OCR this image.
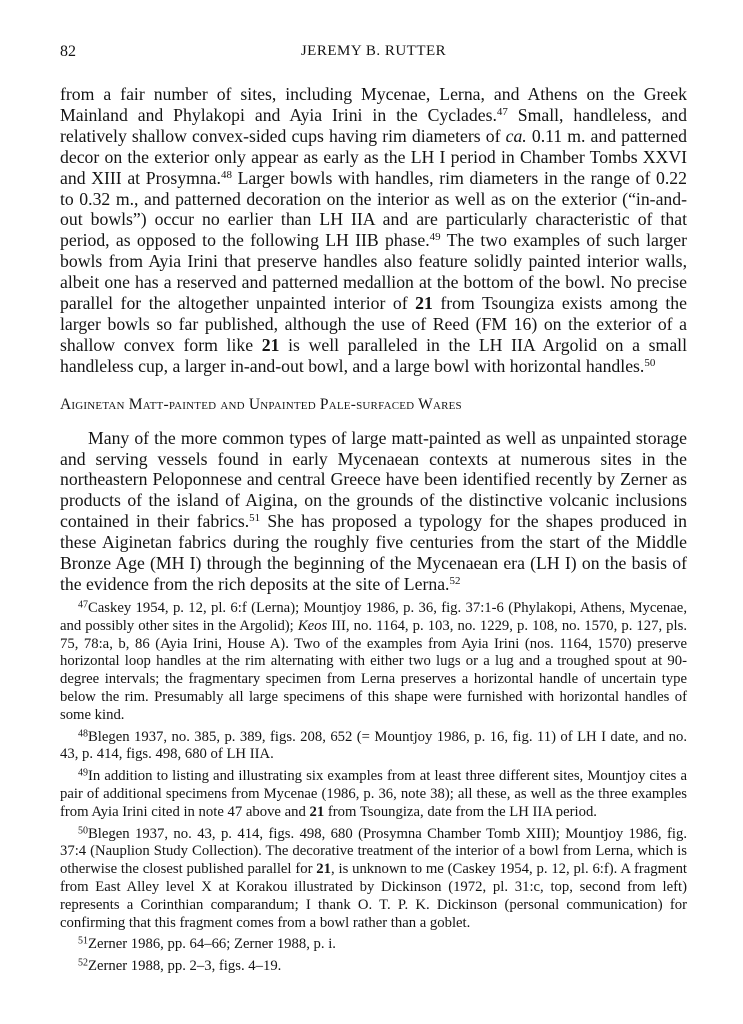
82	JEREMY B. RUTTER

from a fair number of sites, including Mycenae, Lerna, and Athens on the Greek Mainland and Phylakopi and Ayia Irini in the Cyclades.$^{47}$ Small, handleless, and relatively shallow convex-sided cups having rim diameters of ca. 0.11 m. and patterned decor on the exterior only appear as early as the LH I period in Chamber Tombs XXVI and XIII at Prosymna.$^{48}$ Larger bowls with handles, rim diameters in the range of 0.22 to 0.32 m., and patterned decoration on the interior as well as on the exterior (“in-and-out bowls”) occur no earlier than LH IIA and are particularly characteristic of that period, as opposed to the following LH IIB phase.$^{49}$ The two examples of such larger bowls from Ayia Irini that preserve handles also feature solidly painted interior walls, albeit one has a reserved and patterned medallion at the bottom of the bowl. No precise parallel for the altogether unpainted interior of 21 from Tsoungiza exists among the larger bowls so far published, although the use of Reed (FM 16) on the exterior of a shallow convex form like 21 is well paralleled in the LH IIA Argolid on a small handleless cup, a larger in-and-out bowl, and a large bowl with horizontal handles.$^{50}$

Aiginetan Matt-painted and Unpainted Pale-surfaced Wares

Many of the more common types of large matt-painted as well as unpainted storage and serving vessels found in early Mycenaean contexts at numerous sites in the northeastern Peloponnese and central Greece have been identified recently by Zerner as products of the island of Aigina, on the grounds of the distinctive volcanic inclusions contained in their fabrics.$^{51}$ She has proposed a typology for the shapes produced in these Aiginetan fabrics during the roughly five centuries from the start of the Middle Bronze Age (MH I) through the beginning of the Mycenaean era (LH I) on the basis of the evidence from the rich deposits at the site of Lerna.$^{52}$

$^{47}$Caskey 1954, p. 12, pl. 6:f (Lerna); Mountjoy 1986, p. 36, fig. 37:1-6 (Phylakopi, Athens, Mycenae, and possibly other sites in the Argolid); Keos III, no. 1164, p. 103, no. 1229, p. 108, no. 1570, p. 127, pls. 75, 78:a, b, 86 (Ayia Irini, House A). Two of the examples from Ayia Irini (nos. 1164, 1570) preserve horizontal loop handles at the rim alternating with either two lugs or a lug and a troughed spout at 90-degree intervals; the fragmentary specimen from Lerna preserves a horizontal handle of uncertain type below the rim. Presumably all large specimens of this shape were furnished with horizontal handles of some kind.

$^{48}$Blegen 1937, no. 385, p. 389, figs. 208, 652 (= Mountjoy 1986, p. 16, fig. 11) of LH I date, and no. 43, p. 414, figs. 498, 680 of LH IIA.

$^{49}$In addition to listing and illustrating six examples from at least three different sites, Mountjoy cites a pair of additional specimens from Mycenae (1986, p. 36, note 38); all these, as well as the three examples from Ayia Irini cited in note 47 above and 21 from Tsoungiza, date from the LH IIA period.

$^{50}$Blegen 1937, no. 43, p. 414, figs. 498, 680 (Prosymna Chamber Tomb XIII); Mountjoy 1986, fig. 37:4 (Nauplion Study Collection). The decorative treatment of the interior of a bowl from Lerna, which is otherwise the closest published parallel for 21, is unknown to me (Caskey 1954, p. 12, pl. 6:f). A fragment from East Alley level X at Korakou illustrated by Dickinson (1972, pl. 31:c, top, second from left) represents a Corinthian comparandum; I thank O. T. P. K. Dickinson (personal communication) for confirming that this fragment comes from a bowl rather than a goblet.

$^{51}$Zerner 1986, pp. 64–66; Zerner 1988, p. i.

$^{52}$Zerner 1988, pp. 2–3, figs. 4–19.
